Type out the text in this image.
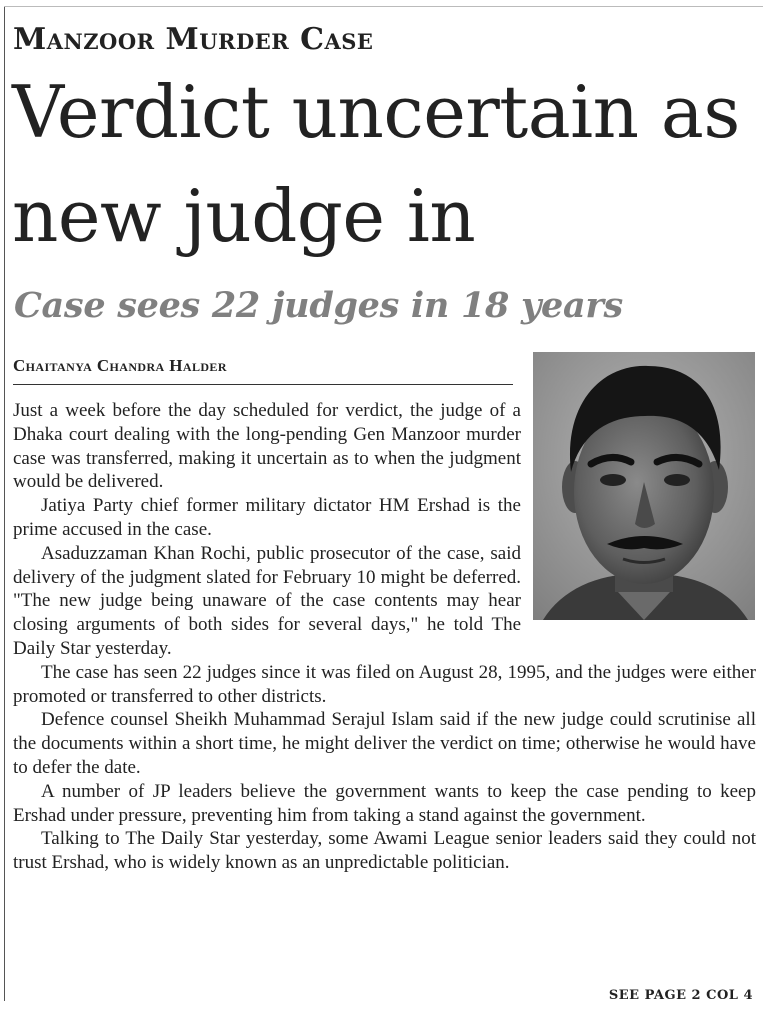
Manzoor Murder Case
Verdict uncertain as new judge in
Case sees 22 judges in 18 years
Chaitanya Chandra Halder

Just a week before the day scheduled for verdict, the judge of a Dhaka court dealing with the long-pending Gen Manzoor murder case was transferred, making it uncertain as to when the judgment would be delivered.

Jatiya Party chief former military dictator HM Ershad is the prime accused in the case.

Asaduzzaman Khan Rochi, public prosecutor of the case, said delivery of the judgment slated for February 10 might be deferred. "The new judge being unaware of the case contents may hear closing arguments of both sides for several days," he told The Daily Star yesterday.

The case has seen 22 judges since it was filed on August 28, 1995, and the judges were either promoted or transferred to other districts.

Defence counsel Sheikh Muhammad Serajul Islam said if the new judge could scrutinise all the documents within a short time, he might deliver the verdict on time; otherwise he would have to defer the date.

A number of JP leaders believe the government wants to keep the case pending to keep Ershad under pressure, preventing him from taking a stand against the government.

Talking to The Daily Star yesterday, some Awami League senior leaders said they could not trust Ershad, who is widely known as an unpredictable politician.

SEE PAGE 2 COL 4
